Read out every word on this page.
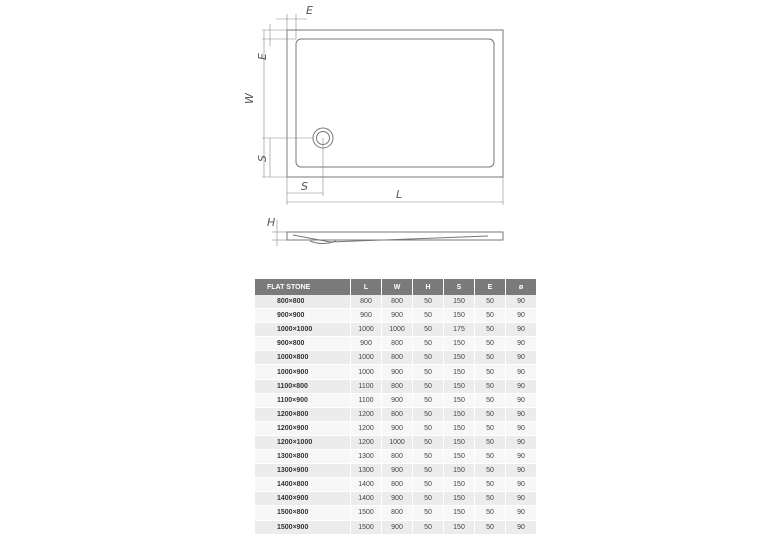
E
E
W
S
S
L
H
FLAT STONE	L	W	H	S	E	ø
800×800	800	800	50	150	50	90
900×900	900	900	50	150	50	90
1000×1000	1000	1000	50	175	50	90
900×800	900	800	50	150	50	90
1000×800	1000	800	50	150	50	90
1000×900	1000	900	50	150	50	90
1100×800	1100	800	50	150	50	90
1100×900	1100	900	50	150	50	90
1200×800	1200	800	50	150	50	90
1200×900	1200	900	50	150	50	90
1200×1000	1200	1000	50	150	50	90
1300×800	1300	800	50	150	50	90
1300×900	1300	900	50	150	50	90
1400×800	1400	800	50	150	50	90
1400×900	1400	900	50	150	50	90
1500×800	1500	800	50	150	50	90
1500×900	1500	900	50	150	50	90
